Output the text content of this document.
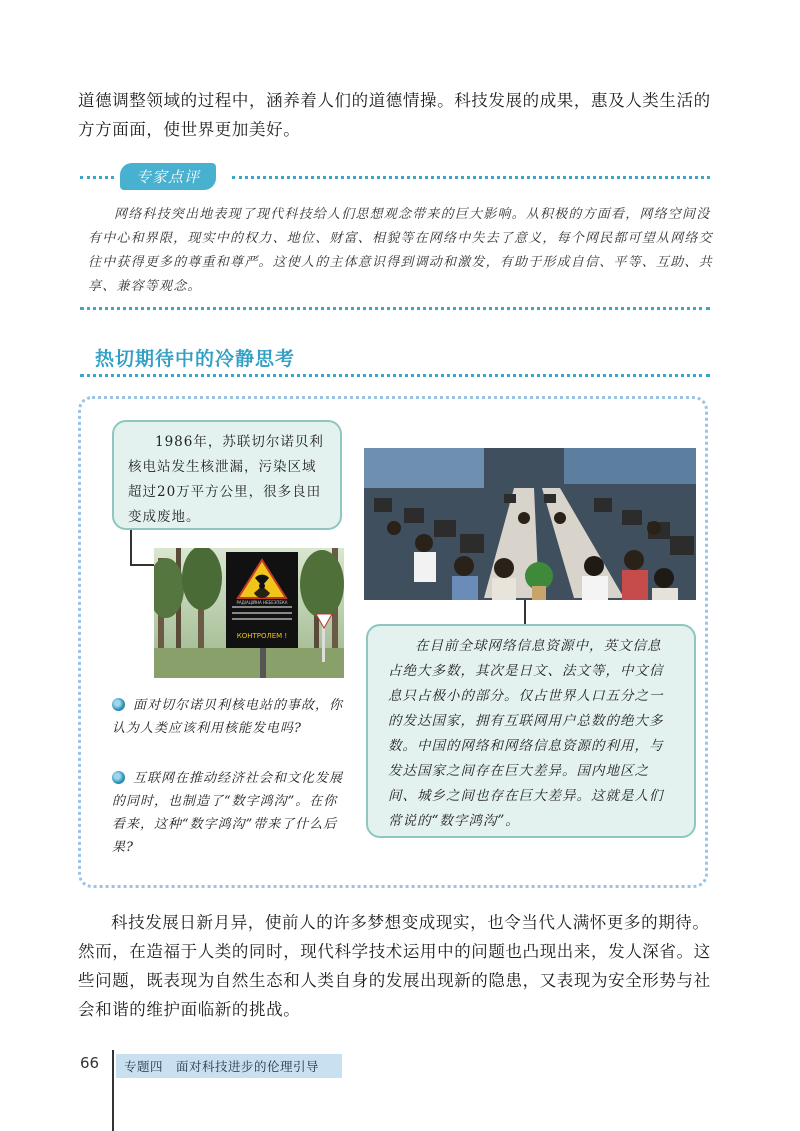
道德调整领域的过程中，涵养着人们的道德情操。科技发展的成果，惠及人类生活的方方面面，使世界更加美好。
专家点评
网络科技突出地表现了现代科技给人们思想观念带来的巨大影响。从积极的方面看，网络空间没有中心和界限，现实中的权力、地位、财富、相貌等在网络中失去了意义，每个网民都可望从网络交往中获得更多的尊重和尊严。这使人的主体意识得到调动和激发，有助于形成自信、平等、互助、共享、兼容等观念。
热切期待中的冷静思考
1986年，苏联切尔诺贝利核电站发生核泄漏，污染区域超过20万平方公里，很多良田变成废地。
КОНТРОЛЕМ !
РАДІАЦІЙНА НЕБЕЗПЕКА
面对切尔诺贝利核电站的事故，你认为人类应该利用核能发电吗?
互联网在推动经济社会和文化发展的同时，也制造了“数字鸿沟”。在你看来，这种“数字鸿沟”带来了什么后果?
在目前全球网络信息资源中，英文信息占绝大多数，其次是日文、法文等，中文信息只占极小的部分。仅占世界人口五分之一的发达国家，拥有互联网用户总数的绝大多数。中国的网络和网络信息资源的利用，与发达国家之间存在巨大差异。国内地区之间、城乡之间也存在巨大差异。这就是人们常说的“数字鸿沟”。
科技发展日新月异，使前人的许多梦想变成现实，也令当代人满怀更多的期待。然而，在造福于人类的同时，现代科学技术运用中的问题也凸现出来，发人深省。这些问题，既表现为自然生态和人类自身的发展出现新的隐患，又表现为安全形势与社会和谐的维护面临新的挑战。
66	专题四　面对科技进步的伦理引导
